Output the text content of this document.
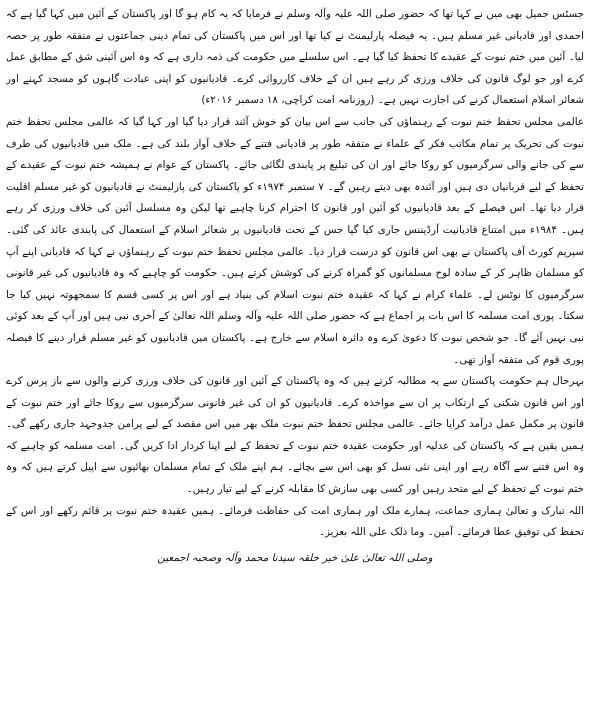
جسٹس جمیل بھی میں نے کہا تھا کہ حضور صلی اللہ علیہ وآلہ وسلم نے فرمایا کہ یہ کام ہو گا اور پاکستان کے آئین میں کہا گیا ہے کہ احمدی اور قادیانی غیر مسلم ہیں۔ یہ فیصلہ پارلیمنٹ نے کیا تھا اور اس میں پاکستان کی تمام دینی جماعتوں نے متفقہ طور پر حصہ لیا۔ آئین میں ختم نبوت کے عقیدے کا تحفظ کیا گیا ہے۔ اس سلسلے میں حکومت کی ذمہ داری ہے کہ وہ اس آئینی شق کے مطابق عمل کرے اور جو لوگ قانون کی خلاف ورزی کر رہے ہیں ان کے خلاف کارروائی کرے۔ قادیانیوں کو اپنی عبادت گاہوں کو مسجد کہنے اور شعائر اسلام استعمال کرنے کی اجازت نہیں ہے۔ (روزنامہ امت کراچی، ۱۸ دسمبر ۲۰۱۶ء)

عالمی مجلس تحفظ ختم نبوت کے رہنماؤں کی جانب سے اس بیان کو خوش آئند قرار دیا گیا اور کہا گیا کہ عالمی مجلس تحفظ ختم نبوت کی تحریک پر تمام مکاتب فکر کے علماء نے متفقہ طور پر قادیانی فتنے کے خلاف آواز بلند کی ہے۔ ملک میں قادیانیوں کی طرف سے کی جانے والی سرگرمیوں کو روکا جائے اور ان کی تبلیغ پر پابندی لگائی جائے۔ پاکستان کے عوام نے ہمیشہ ختم نبوت کے عقیدے کے تحفظ کے لیے قربانیاں دی ہیں اور آئندہ بھی دیتے رہیں گے۔ ۷ ستمبر ۱۹۷۴ء کو پاکستان کی پارلیمنٹ نے قادیانیوں کو غیر مسلم اقلیت قرار دیا تھا۔ اس فیصلے کے بعد قادیانیوں کو آئین اور قانون کا احترام کرنا چاہیے تھا لیکن وہ مسلسل آئین کی خلاف ورزی کر رہے ہیں۔ ۱۹۸۴ء میں امتناع قادیانیت آرڈیننس جاری کیا گیا جس کے تحت قادیانیوں پر شعائر اسلام کے استعمال کی پابندی عائد کی گئی۔ سپریم کورٹ آف پاکستان نے بھی اس قانون کو درست قرار دیا۔ عالمی مجلس تحفظ ختم نبوت کے رہنماؤں نے کہا کہ قادیانی اپنے آپ کو مسلمان ظاہر کر کے سادہ لوح مسلمانوں کو گمراہ کرنے کی کوشش کرتے ہیں۔ حکومت کو چاہیے کہ وہ قادیانیوں کی غیر قانونی سرگرمیوں کا نوٹس لے۔ علماء کرام نے کہا کہ عقیدہ ختم نبوت اسلام کی بنیاد ہے اور اس پر کسی قسم کا سمجھوتہ نہیں کیا جا سکتا۔ پوری امت مسلمہ کا اس بات پر اجماع ہے کہ حضور صلی اللہ علیہ وآلہ وسلم اللہ تعالیٰ کے آخری نبی ہیں اور آپ کے بعد کوئی نبی نہیں آئے گا۔ جو شخص نبوت کا دعویٰ کرے وہ دائرہ اسلام سے خارج ہے۔ پاکستان میں قادیانیوں کو غیر مسلم قرار دینے کا فیصلہ پوری قوم کی متفقہ آواز تھی۔

بہرحال ہم حکومت پاکستان سے یہ مطالبہ کرتے ہیں کہ وہ پاکستان کے آئین اور قانون کی خلاف ورزی کرنے والوں سے باز پرس کرے اور اس قانون شکنی کے ارتکاب پر ان سے مواخذہ کرے۔ قادیانیوں کو ان کی غیر قانونی سرگرمیوں سے روکا جائے اور ختم نبوت کے قانون پر مکمل عمل درآمد کرایا جائے۔ عالمی مجلس تحفظ ختم نبوت ملک بھر میں اس مقصد کے لیے پرامن جدوجہد جاری رکھے گی۔ ہمیں یقین ہے کہ پاکستان کی عدلیہ اور حکومت عقیدہ ختم نبوت کے تحفظ کے لیے اپنا کردار ادا کریں گی۔ امت مسلمہ کو چاہیے کہ وہ اس فتنے سے آگاہ رہے اور اپنی نئی نسل کو بھی اس سے بچائے۔ ہم اپنے ملک کے تمام مسلمان بھائیوں سے اپیل کرتے ہیں کہ وہ ختم نبوت کے تحفظ کے لیے متحد رہیں اور کسی بھی سازش کا مقابلہ کرنے کے لیے تیار رہیں۔

اللہ تبارک و تعالیٰ ہماری جماعت، ہمارے ملک اور ہماری امت کی حفاظت فرمائے۔ ہمیں عقیدہ ختم نبوت پر قائم رکھے اور اس کے تحفظ کی توفیق عطا فرمائے۔ آمین۔ وما ذلک علی اللہ بعزیز۔

وصلی اللہ تعالیٰ علیٰ خیر خلقہ سیدنا محمد وآلہ وصحبہ اجمعین
